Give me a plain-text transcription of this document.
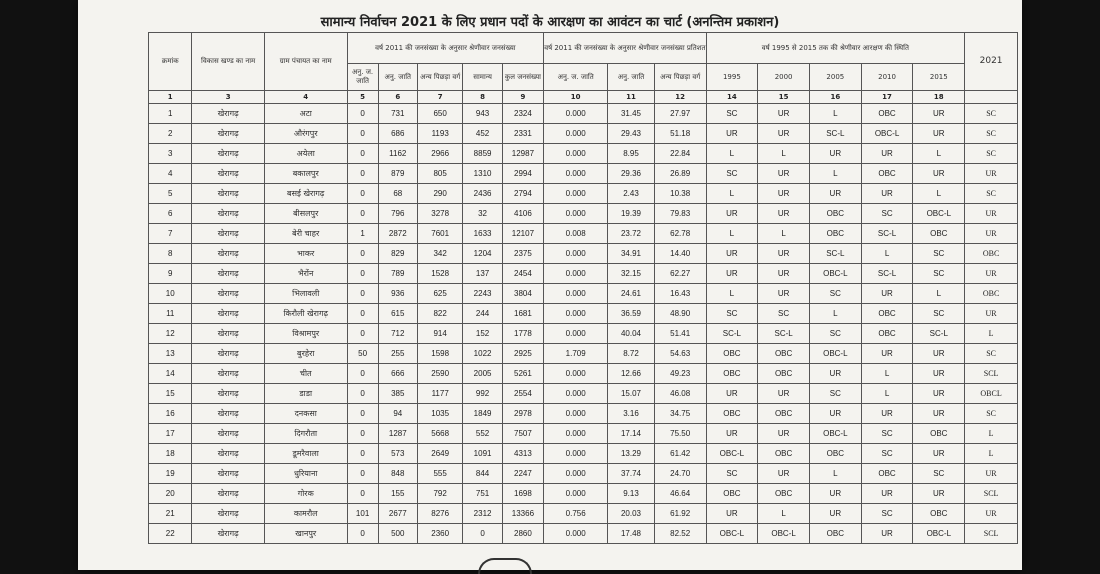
सामान्य निर्वाचन 2021 के लिए प्रधान पदों के आरक्षण का आवंटन का चार्ट (अनन्तिम प्रकाशन)
क्रमांक	विकास खण्ड का नाम	ग्राम पंचायत का नाम	वर्ष 2011 की जनसंख्या के अनुसार श्रेणीवार जनसंख्या					वर्ष 2011 की जनसंख्या के अनुसार श्रेणीवार जनसंख्या प्रतिशत			वर्ष 1995 से 2015 तक की श्रेणीवार आरक्षण की स्थिति					2021
			अनु. ज. जाति	अनु. जाति	अन्य पिछड़ा वर्ग	सामान्य	कुल जनसंख्या	अनु. ज. जाति	अनु. जाति	अन्य पिछड़ा वर्ग	1995	2000	2005	2010	2015	
1	3	4	5	6	7	8	9	10	11	12	14	15	16	17	18	
1	खेरागढ़	अटा	0	731	650	943	2324	0.000	31.45	27.97	SC	UR	L	OBC	UR	SC
2	खेरागढ़	औरंगपुर	0	686	1193	452	2331	0.000	29.43	51.18	UR	UR	SC-L	OBC-L	UR	SC
3	खेरागढ़	अयेला	0	1162	2966	8859	12987	0.000	8.95	22.84	L	L	UR	UR	L	SC
4	खेरागढ़	बकालपुर	0	879	805	1310	2994	0.000	29.36	26.89	SC	UR	L	OBC	UR	UR
5	खेरागढ़	बसई खेरागढ़	0	68	290	2436	2794	0.000	2.43	10.38	L	UR	UR	UR	L	SC
6	खेरागढ़	बीसलपुर	0	796	3278	32	4106	0.000	19.39	79.83	UR	UR	OBC	SC	OBC-L	UR
7	खेरागढ़	बेरी चाहर	1	2872	7601	1633	12107	0.008	23.72	62.78	L	L	OBC	SC-L	OBC	UR
8	खेरागढ़	भाकर	0	829	342	1204	2375	0.000	34.91	14.40	UR	UR	SC-L	L	SC	OBC
9	खेरागढ़	भैरोंन	0	789	1528	137	2454	0.000	32.15	62.27	UR	UR	OBC-L	SC-L	SC	UR
10	खेरागढ़	भिलावली	0	936	625	2243	3804	0.000	24.61	16.43	L	UR	SC	UR	L	OBC
11	खेरागढ़	किरौली खेरागढ़	0	615	822	244	1681	0.000	36.59	48.90	SC	SC	L	OBC	SC	UR
12	खेरागढ़	विश्रामपुर	0	712	914	152	1778	0.000	40.04	51.41	SC-L	SC-L	SC	OBC	SC-L	L
13	खेरागढ़	बुरहेरा	50	255	1598	1022	2925	1.709	8.72	54.63	OBC	OBC	OBC-L	UR	UR	SC
14	खेरागढ़	चीत	0	666	2590	2005	5261	0.000	12.66	49.23	OBC	OBC	UR	L	UR	SCL
15	खेरागढ़	डाडा	0	385	1177	992	2554	0.000	15.07	46.08	UR	UR	SC	L	UR	OBCL
16	खेरागढ़	दनकसा	0	94	1035	1849	2978	0.000	3.16	34.75	OBC	OBC	UR	UR	UR	SC
17	खेरागढ़	दिगरौता	0	1287	5668	552	7507	0.000	17.14	75.50	UR	UR	OBC-L	SC	OBC	L
18	खेरागढ़	डूमरैवाला	0	573	2649	1091	4313	0.000	13.29	61.42	OBC-L	OBC	OBC	SC	UR	L
19	खेरागढ़	धुरियाना	0	848	555	844	2247	0.000	37.74	24.70	SC	UR	L	OBC	SC	UR
20	खेरागढ़	गोरक	0	155	792	751	1698	0.000	9.13	46.64	OBC	OBC	UR	UR	UR	SCL
21	खेरागढ़	कामरौल	101	2677	8276	2312	13366	0.756	20.03	61.92	UR	L	UR	SC	OBC	UR
22	खेरागढ़	खानपुर	0	500	2360	0	2860	0.000	17.48	82.52	OBC-L	OBC-L	OBC	UR	OBC-L	SCL
